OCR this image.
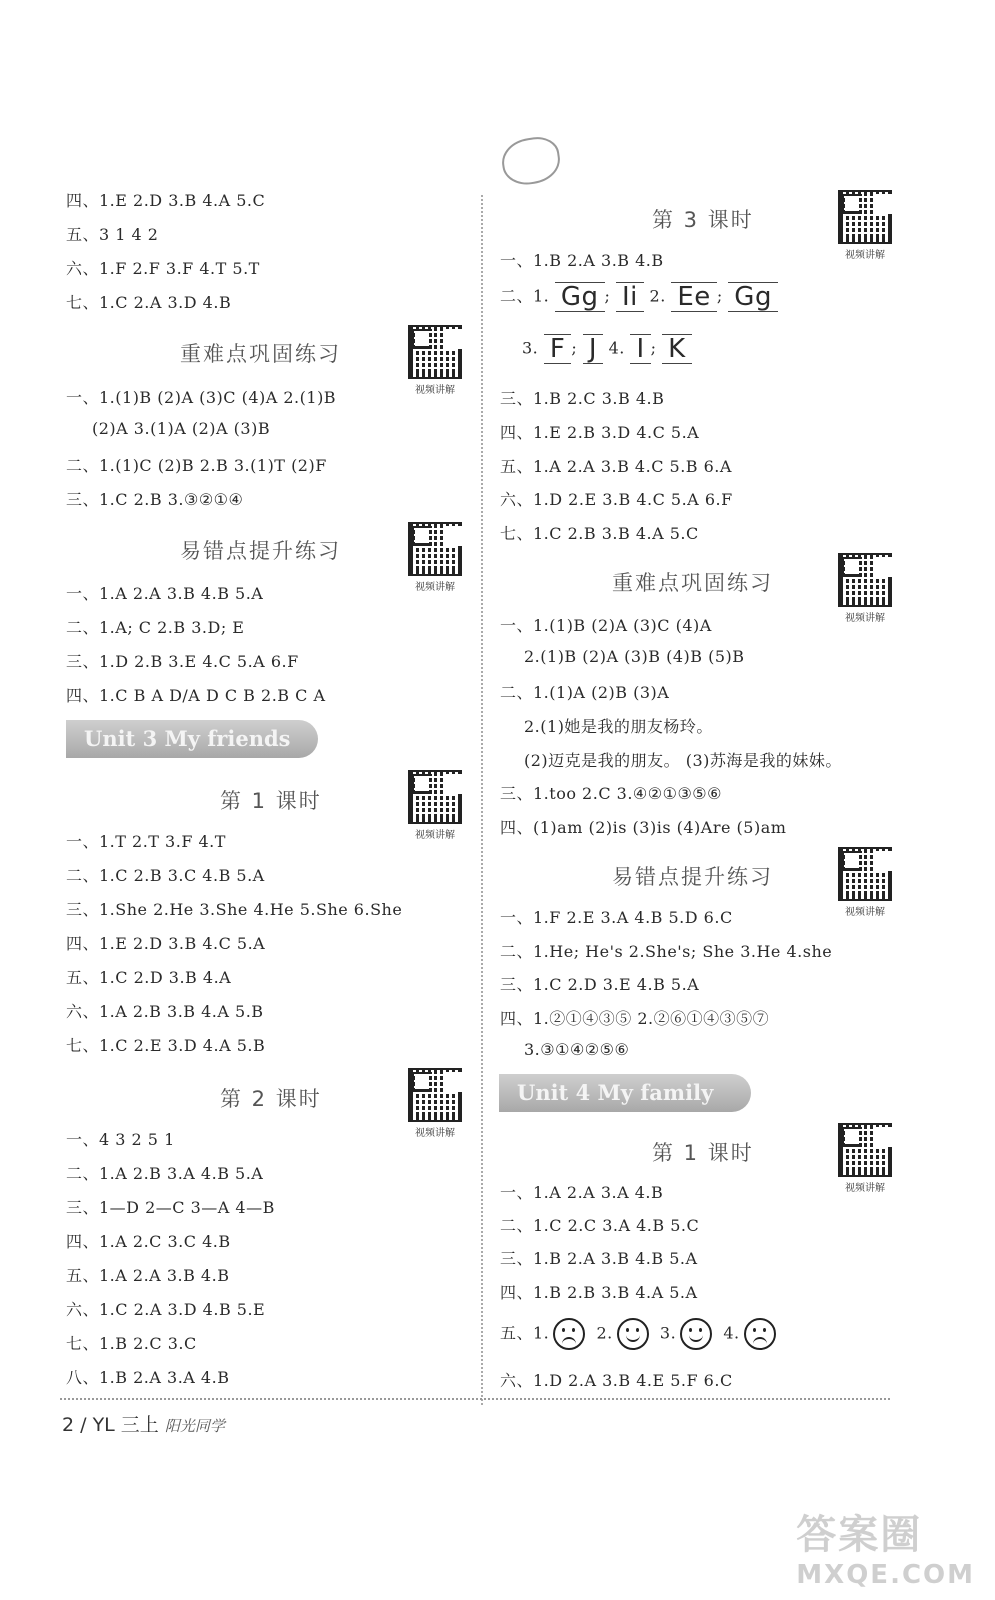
四、1.E 2.D 3.B 4.A 5.C
五、3 1 4 2
六、1.F 2.F 3.F 4.T 5.T
七、1.C 2.A 3.D 4.B
重难点巩固练习
视频讲解
一、1.(1)B (2)A (3)C (4)A 2.(1)B
(2)A 3.(1)A (2)A (3)B
二、1.(1)C (2)B 2.B 3.(1)T (2)F
三、1.C 2.B 3.③②①④
易错点提升练习
视频讲解
一、1.A 2.A 3.B 4.B 5.A
二、1.A; C 2.B 3.D; E
三、1.D 2.B 3.E 4.C 5.A 6.F
四、1.C B A D/A D C B 2.B C A
Unit 3 My friends
第 1 课时
视频讲解
一、1.T 2.T 3.F 4.T
二、1.C 2.B 3.C 4.B 5.A
三、1.She 2.He 3.She 4.He 5.She 6.She
四、1.E 2.D 3.B 4.C 5.A
五、1.C 2.D 3.B 4.A
六、1.A 2.B 3.B 4.A 5.B
七、1.C 2.E 3.D 4.A 5.B
第 2 课时
视频讲解
一、4 3 2 5 1
二、1.A 2.B 3.A 4.B 5.A
三、1—D 2—C 3—A 4—B
四、1.A 2.C 3.C 4.B
五、1.A 2.A 3.B 4.B
六、1.C 2.A 3.D 4.B 5.E
七、1.B 2.C 3.C
八、1.B 2.A 3.A 4.B
第 3 课时
视频讲解
一、1.B 2.A 3.B 4.B
二、1. Gg ; Ii 2. Ee ; Gg
3. F ; J 4. I ; K
三、1.B 2.C 3.B 4.B
四、1.E 2.B 3.D 4.C 5.A
五、1.A 2.A 3.B 4.C 5.B 6.A
六、1.D 2.E 3.B 4.C 5.A 6.F
七、1.C 2.B 3.B 4.A 5.C
重难点巩固练习
视频讲解
一、1.(1)B (2)A (3)C (4)A
2.(1)B (2)A (3)B (4)B (5)B
二、1.(1)A (2)B (3)A
2.(1)她是我的朋友杨玲。
(2)迈克是我的朋友。 (3)苏海是我的妹妹。
三、1.too 2.C 3.④②①③⑤⑥
四、(1)am (2)is (3)is (4)Are (5)am
易错点提升练习
视频讲解
一、1.F 2.E 3.A 4.B 5.D 6.C
二、1.He; He's 2.She's; She 3.He 4.she
三、1.C 2.D 3.E 4.B 5.A
四、1.②①④③⑤ 2.②⑥①④③⑤⑦
3.③①④②⑤⑥
Unit 4 My family
第 1 课时
视频讲解
一、1.A 2.A 3.A 4.B
二、1.C 2.C 3.A 4.B 5.C
三、1.B 2.A 3.B 4.B 5.A
四、1.B 2.B 3.B 4.A 5.A
五、1.	2.	3.	4.
六、1.D 2.A 3.B 4.E 5.F 6.C
2 / YL 三上 阳光同学
答案圈
MXQE.COM
